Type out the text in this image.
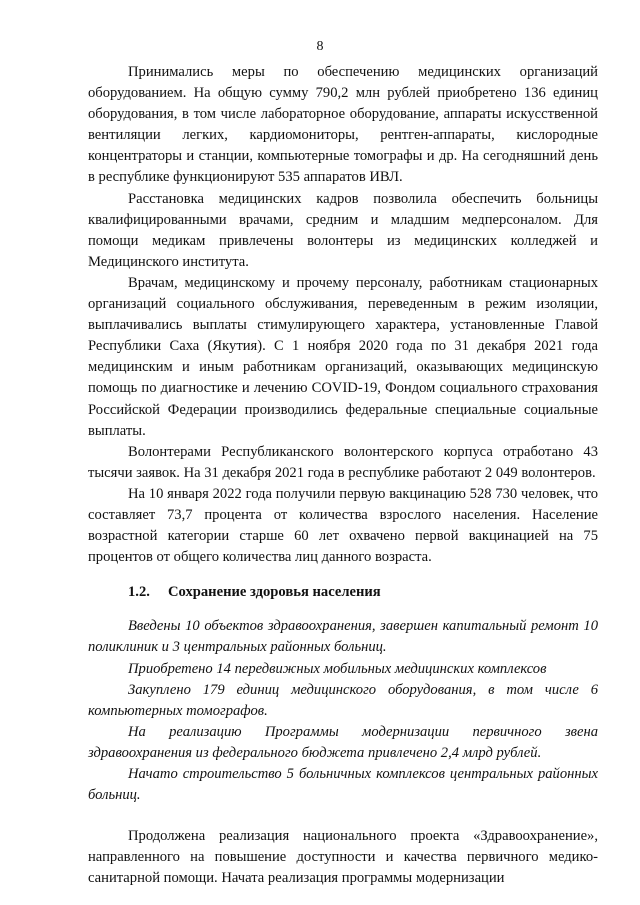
8

Принимались меры по обеспечению медицинских организаций оборудованием. На общую сумму 790,2 млн рублей приобретено 136 единиц оборудования, в том числе лабораторное оборудование, аппараты искусственной вентиляции легких, кардиомониторы, рентген-аппараты, кислородные концентраторы и станции, компьютерные томографы и др. На сегодняшний день в республике функционируют 535 аппаратов ИВЛ.

Расстановка медицинских кадров позволила обеспечить больницы квалифицированными врачами, средним и младшим медперсоналом. Для помощи медикам привлечены волонтеры из медицинских колледжей и Медицинского института.

Врачам, медицинскому и прочему персоналу, работникам стационарных организаций социального обслуживания, переведенным в режим изоляции, выплачивались выплаты стимулирующего характера, установленные Главой Республики Саха (Якутия). С 1 ноября 2020 года по 31 декабря 2021 года медицинским и иным работникам организаций, оказывающих медицинскую помощь по диагностике и лечению COVID-19, Фондом социального страхования Российской Федерации производились федеральные специальные социальные выплаты.

Волонтерами Республиканского волонтерского корпуса отработано 43 тысячи заявок. На 31 декабря 2021 года в республике работают 2 049 волонтеров.

На 10 января 2022 года получили первую вакцинацию 528 730 человек, что составляет 73,7 процента от количества взрослого населения. Население возрастной категории старше 60 лет охвачено первой вакцинацией на 75 процентов от общего количества лиц данного возраста.

1.2. Сохранение здоровья населения

Введены 10 объектов здравоохранения, завершен капитальный ремонт 10 поликлиник и 3 центральных районных больниц.

Приобретено 14 передвижных мобильных медицинских комплексов

Закуплено 179 единиц медицинского оборудования, в том числе 6 компьютерных томографов.

На реализацию Программы модернизации первичного звена здравоохранения из федерального бюджета привлечено 2,4 млрд рублей.

Начато строительство 5 больничных комплексов центральных районных больниц.

Продолжена реализация национального проекта «Здравоохранение», направленного на повышение доступности и качества первичного медико-санитарной помощи. Начата реализация программы модернизации
